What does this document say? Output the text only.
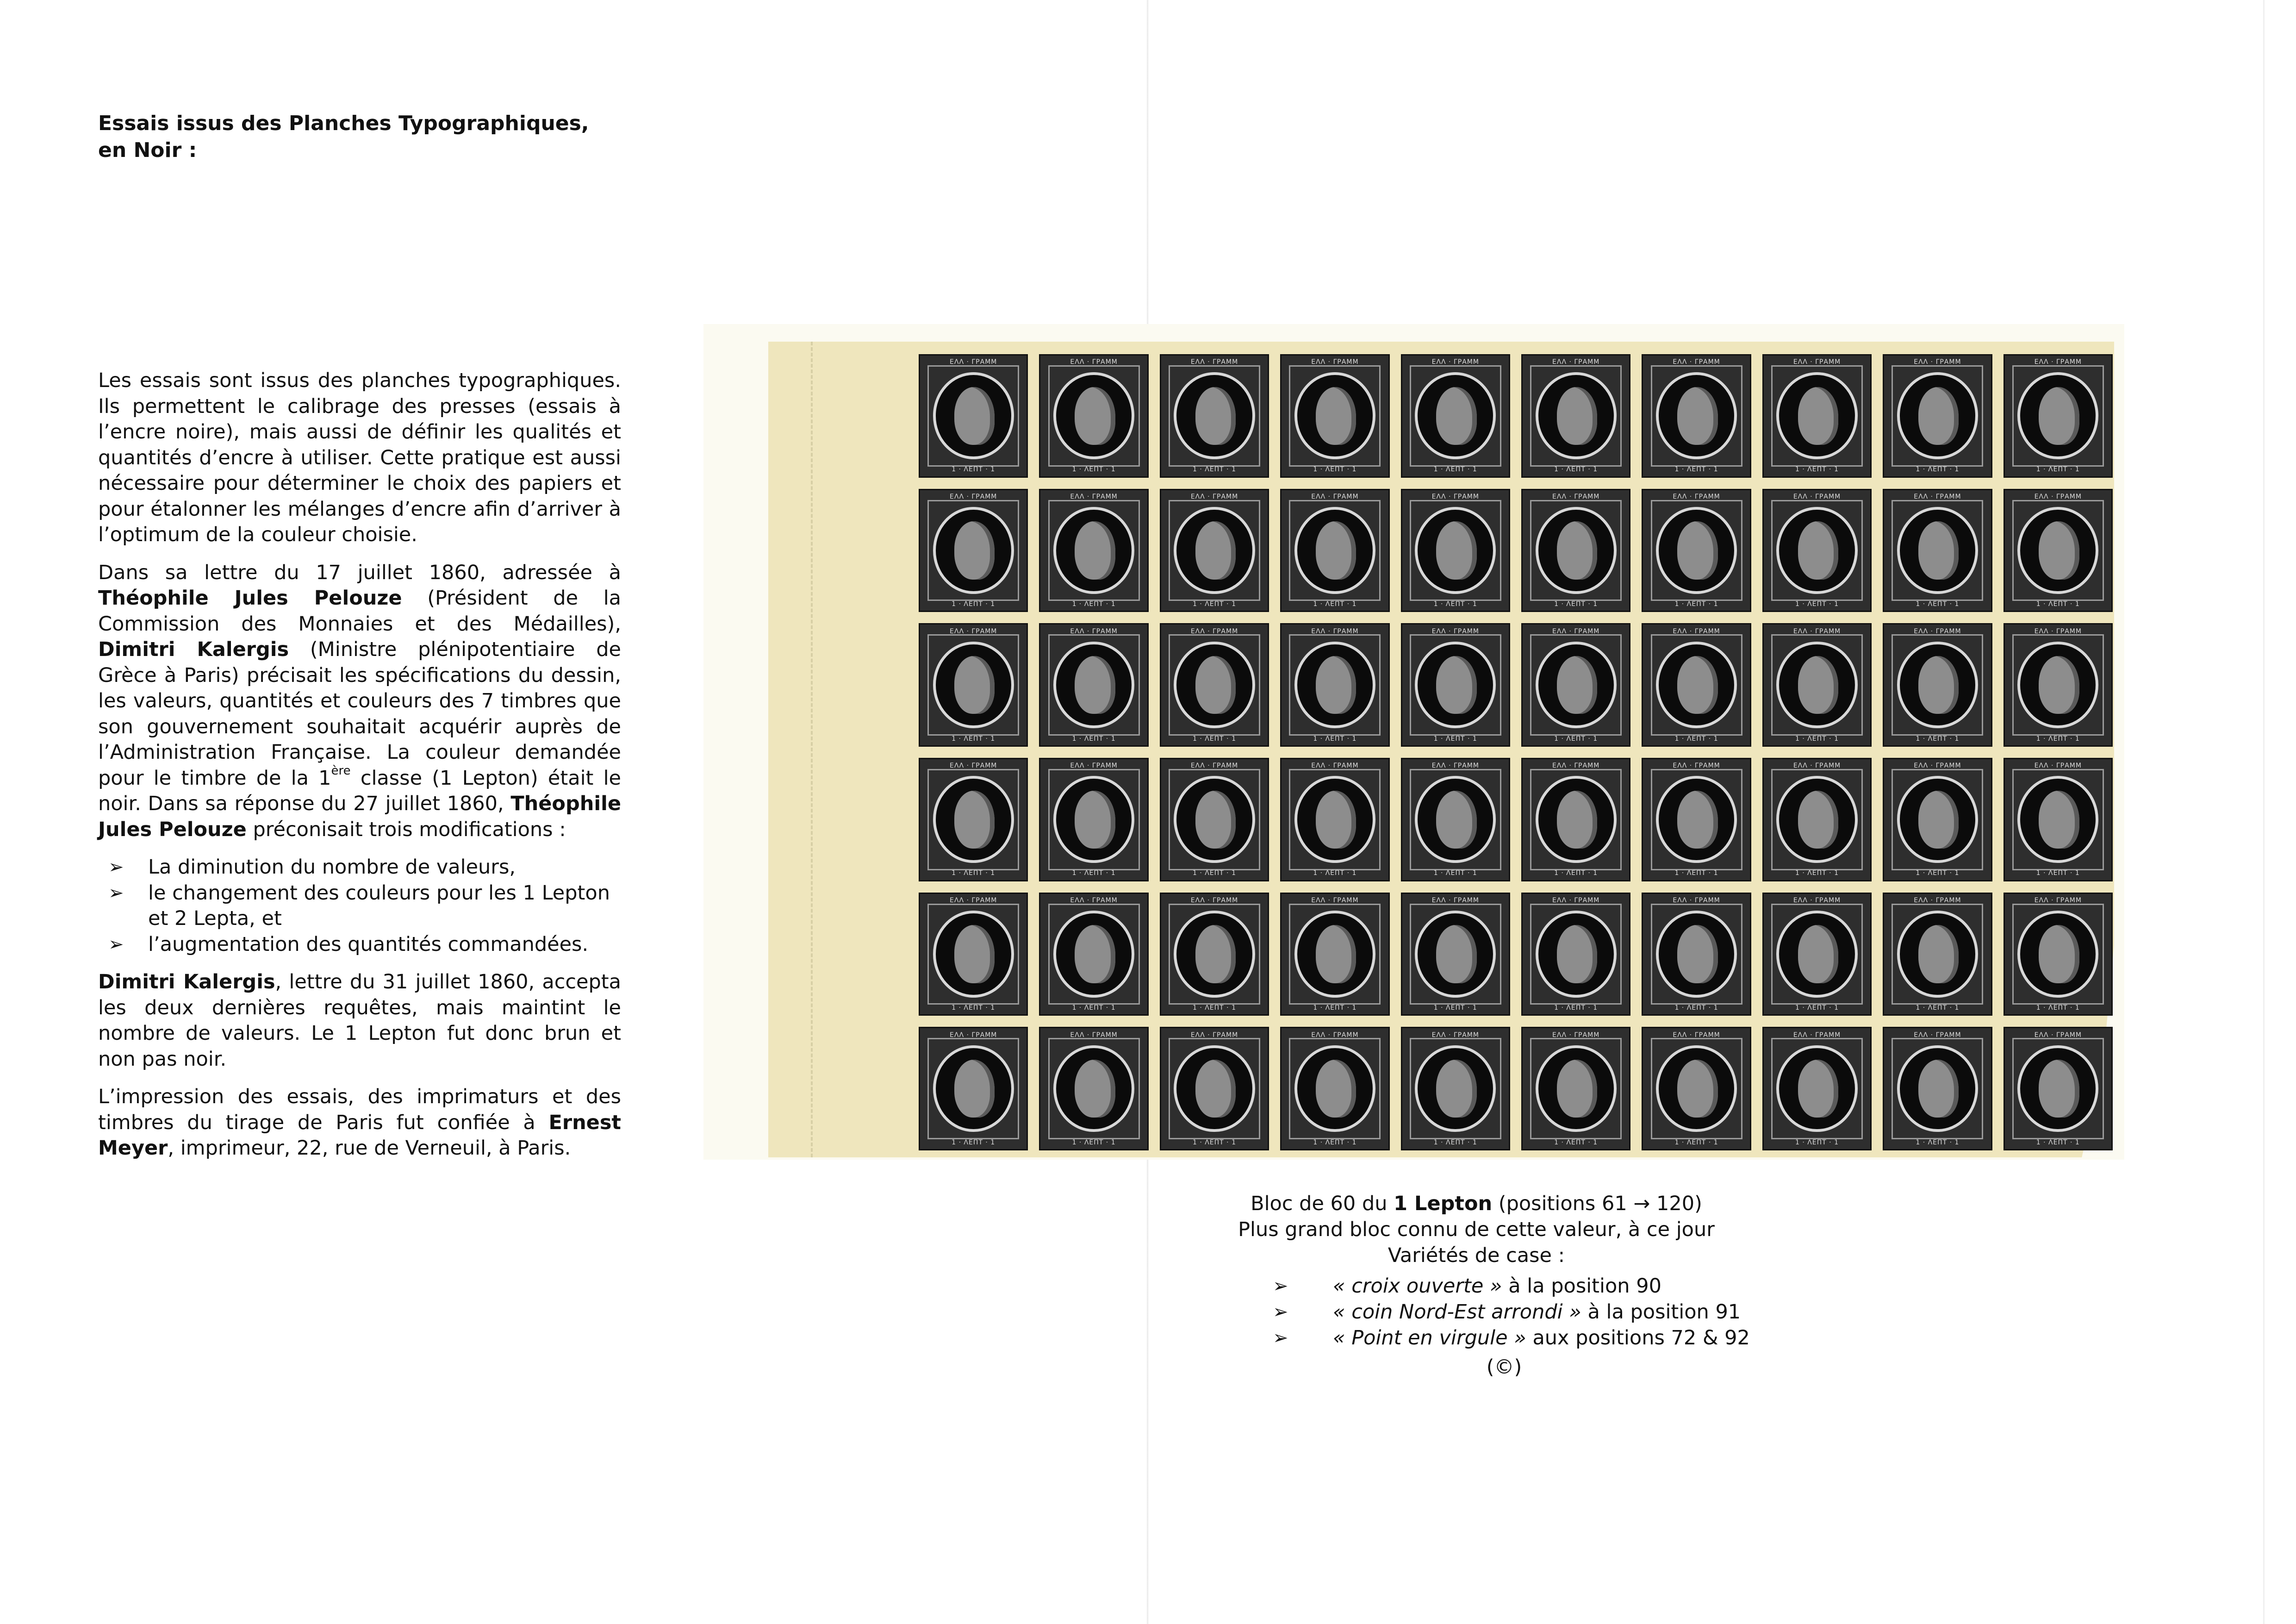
Essais issus des Planches Typographiques,
en Noir :

Les essais sont issus des planches typographiques. Ils permettent le calibrage des presses (essais à l’encre noire), mais aussi de définir les qualités et quantités d’encre à utiliser. Cette pratique est aussi nécessaire pour déterminer le choix des papiers et pour étalonner les mélanges d’encre afin d’arriver à l’optimum de la couleur choisie.

Dans sa lettre du 17 juillet 1860, adressée à Théophile Jules Pelouze (Président de la Commission des Monnaies et des Médailles), Dimitri Kalergis (Ministre plénipotentiaire de Grèce à Paris) précisait les spécifications du dessin, les valeurs, quantités et couleurs des 7 timbres que son gouvernement souhaitait acquérir auprès de l’Administration Française. La couleur demandée pour le timbre de la 1ère classe (1 Lepton) était le noir. Dans sa réponse du 27 juillet 1860, Théophile Jules Pelouze préconisait trois modifications :

➢ La diminution du nombre de valeurs,
➢ le changement des couleurs pour les 1 Lepton et 2 Lepta, et
➢ l’augmentation des quantités commandées.

Dimitri Kalergis, lettre du 31 juillet 1860, accepta les deux dernières requêtes, mais maintint le nombre de valeurs. Le 1 Lepton fut donc brun et non pas noir.

L’impression des essais, des imprimaturs et des timbres du tirage de Paris fut confiée à Ernest Meyer, imprimeur, 22, rue de Verneuil, à Paris.

ΕΛΛ · ΓΡΑΜΜ
1 · ΛΕΠΤ · 1
ΕΛΛ · ΓΡΑΜΜ
1 · ΛΕΠΤ · 1
ΕΛΛ · ΓΡΑΜΜ
1 · ΛΕΠΤ · 1
ΕΛΛ · ΓΡΑΜΜ
1 · ΛΕΠΤ · 1
ΕΛΛ · ΓΡΑΜΜ
1 · ΛΕΠΤ · 1
ΕΛΛ · ΓΡΑΜΜ
1 · ΛΕΠΤ · 1
ΕΛΛ · ΓΡΑΜΜ
1 · ΛΕΠΤ · 1
ΕΛΛ · ΓΡΑΜΜ
1 · ΛΕΠΤ · 1
ΕΛΛ · ΓΡΑΜΜ
1 · ΛΕΠΤ · 1
ΕΛΛ · ΓΡΑΜΜ
1 · ΛΕΠΤ · 1
ΕΛΛ · ΓΡΑΜΜ
1 · ΛΕΠΤ · 1
ΕΛΛ · ΓΡΑΜΜ
1 · ΛΕΠΤ · 1
ΕΛΛ · ΓΡΑΜΜ
1 · ΛΕΠΤ · 1
ΕΛΛ · ΓΡΑΜΜ
1 · ΛΕΠΤ · 1
ΕΛΛ · ΓΡΑΜΜ
1 · ΛΕΠΤ · 1
ΕΛΛ · ΓΡΑΜΜ
1 · ΛΕΠΤ · 1
ΕΛΛ · ΓΡΑΜΜ
1 · ΛΕΠΤ · 1
ΕΛΛ · ΓΡΑΜΜ
1 · ΛΕΠΤ · 1
ΕΛΛ · ΓΡΑΜΜ
1 · ΛΕΠΤ · 1
ΕΛΛ · ΓΡΑΜΜ
1 · ΛΕΠΤ · 1
ΕΛΛ · ΓΡΑΜΜ
1 · ΛΕΠΤ · 1
ΕΛΛ · ΓΡΑΜΜ
1 · ΛΕΠΤ · 1
ΕΛΛ · ΓΡΑΜΜ
1 · ΛΕΠΤ · 1
ΕΛΛ · ΓΡΑΜΜ
1 · ΛΕΠΤ · 1
ΕΛΛ · ΓΡΑΜΜ
1 · ΛΕΠΤ · 1
ΕΛΛ · ΓΡΑΜΜ
1 · ΛΕΠΤ · 1
ΕΛΛ · ΓΡΑΜΜ
1 · ΛΕΠΤ · 1
ΕΛΛ · ΓΡΑΜΜ
1 · ΛΕΠΤ · 1
ΕΛΛ · ΓΡΑΜΜ
1 · ΛΕΠΤ · 1
ΕΛΛ · ΓΡΑΜΜ
1 · ΛΕΠΤ · 1
ΕΛΛ · ΓΡΑΜΜ
1 · ΛΕΠΤ · 1
ΕΛΛ · ΓΡΑΜΜ
1 · ΛΕΠΤ · 1
ΕΛΛ · ΓΡΑΜΜ
1 · ΛΕΠΤ · 1
ΕΛΛ · ΓΡΑΜΜ
1 · ΛΕΠΤ · 1
ΕΛΛ · ΓΡΑΜΜ
1 · ΛΕΠΤ · 1
ΕΛΛ · ΓΡΑΜΜ
1 · ΛΕΠΤ · 1
ΕΛΛ · ΓΡΑΜΜ
1 · ΛΕΠΤ · 1
ΕΛΛ · ΓΡΑΜΜ
1 · ΛΕΠΤ · 1
ΕΛΛ · ΓΡΑΜΜ
1 · ΛΕΠΤ · 1
ΕΛΛ · ΓΡΑΜΜ
1 · ΛΕΠΤ · 1
ΕΛΛ · ΓΡΑΜΜ
1 · ΛΕΠΤ · 1
ΕΛΛ · ΓΡΑΜΜ
1 · ΛΕΠΤ · 1
ΕΛΛ · ΓΡΑΜΜ
1 · ΛΕΠΤ · 1
ΕΛΛ · ΓΡΑΜΜ
1 · ΛΕΠΤ · 1
ΕΛΛ · ΓΡΑΜΜ
1 · ΛΕΠΤ · 1
ΕΛΛ · ΓΡΑΜΜ
1 · ΛΕΠΤ · 1
ΕΛΛ · ΓΡΑΜΜ
1 · ΛΕΠΤ · 1
ΕΛΛ · ΓΡΑΜΜ
1 · ΛΕΠΤ · 1
ΕΛΛ · ΓΡΑΜΜ
1 · ΛΕΠΤ · 1
ΕΛΛ · ΓΡΑΜΜ
1 · ΛΕΠΤ · 1
ΕΛΛ · ΓΡΑΜΜ
1 · ΛΕΠΤ · 1
ΕΛΛ · ΓΡΑΜΜ
1 · ΛΕΠΤ · 1
ΕΛΛ · ΓΡΑΜΜ
1 · ΛΕΠΤ · 1
ΕΛΛ · ΓΡΑΜΜ
1 · ΛΕΠΤ · 1
ΕΛΛ · ΓΡΑΜΜ
1 · ΛΕΠΤ · 1
ΕΛΛ · ΓΡΑΜΜ
1 · ΛΕΠΤ · 1
ΕΛΛ · ΓΡΑΜΜ
1 · ΛΕΠΤ · 1
ΕΛΛ · ΓΡΑΜΜ
1 · ΛΕΠΤ · 1
ΕΛΛ · ΓΡΑΜΜ
1 · ΛΕΠΤ · 1
ΕΛΛ · ΓΡΑΜΜ
1 · ΛΕΠΤ · 1
Bloc de 60 du 1 Lepton (positions 61 → 120)
Plus grand bloc connu de cette valeur, à ce jour
Variétés de case :
➢ « croix ouverte » à la position 90
➢ « coin Nord-Est arrondi » à la position 91
➢ « Point en virgule » aux positions 72 & 92
(©)
